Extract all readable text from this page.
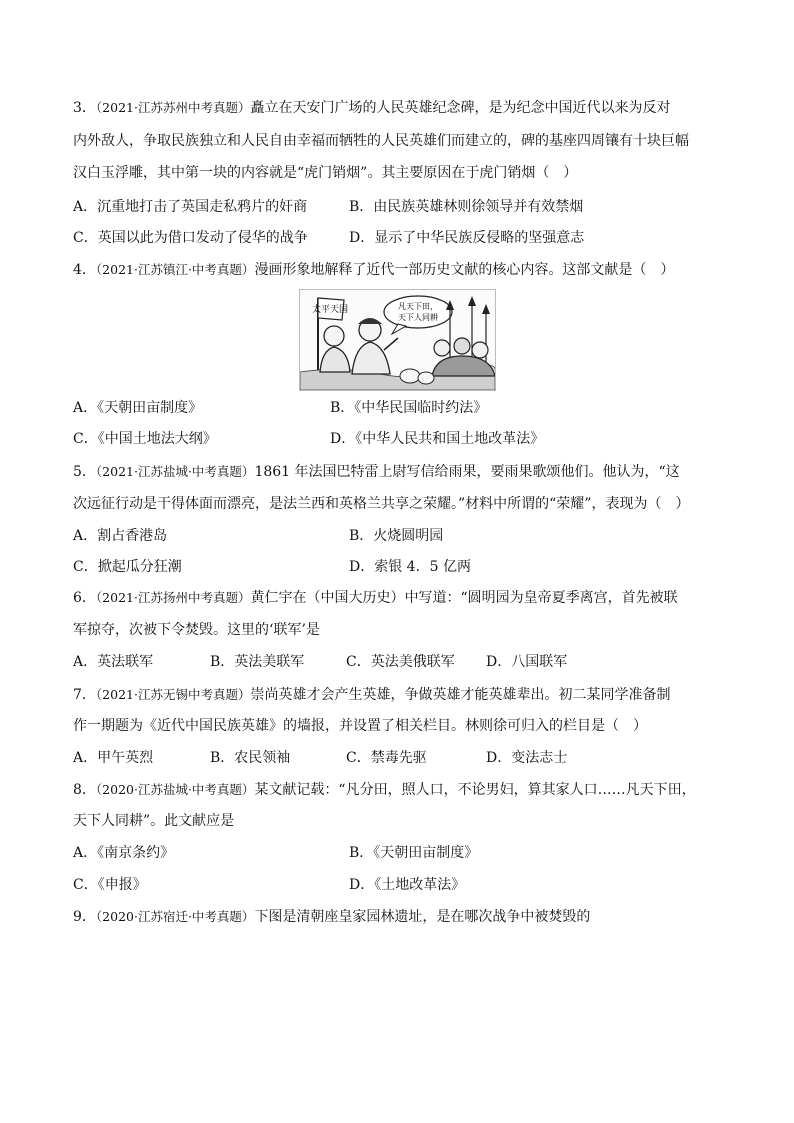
3．（2021·江苏苏州中考真题）矗立在天安门广场的人民英雄纪念碑，是为纪念中国近代以来为反对
内外敌人，争取民族独立和人民自由幸福而牺牲的人民英雄们而建立的，碑的基座四周镶有十块巨幅
汉白玉浮雕，其中第一块的内容就是“虎门销烟”。其主要原因在于虎门销烟（　）
A．沉重地打击了英国走私鸦片的奸商	B．由民族英雄林则徐领导并有效禁烟
C．英国以此为借口发动了侵华的战争	D．显示了中华民族反侵略的坚强意志
4．（2021·江苏镇江·中考真题）漫画形象地解释了近代一部历史文献的核心内容。这部文献是（　）
太平天国	凡天下田，
天下人同耕
A．《天朝田亩制度》	B．《中华民国临时约法》
C．《中国土地法大纲》	D．《中华人民共和国土地改革法》
5．（2021·江苏盐城·中考真题）1861 年法国巴特雷上尉写信给雨果，要雨果歌颂他们。他认为，“这
次远征行动是干得体面而漂亮，是法兰西和英格兰共享之荣耀。”材料中所谓的“荣耀”，表现为（　）
A．割占香港岛	B．火烧圆明园
C．掀起瓜分狂潮	D．索银 4．5 亿两
6．（2021·江苏扬州中考真题）黄仁宇在（中国大历史）中写道：“圆明园为皇帝夏季离宫，首先被联
军掠夺，次被下令焚毁。这里的‘联军’是
A．英法联军	B．英法美联军	C．英法美俄联军 D．八国联军
7．（2021·江苏无锡中考真题）崇尚英雄才会产生英雄，争做英雄才能英雄辈出。初二某同学准备制
作一期题为《近代中国民族英雄》的墙报，并设置了相关栏目。林则徐可归入的栏目是（　）
A．甲午英烈	B．农民领袖	C．禁毒先驱	D．变法志士
8．（2020·江苏盐城·中考真题）某文献记载：“凡分田，照人口，不论男妇，算其家人口……凡天下田，
天下人同耕”。此文献应是
A．《南京条约》	B．《天朝田亩制度》
C．《申报》	D．《土地改革法》
9．（2020·江苏宿迁·中考真题）下图是清朝座皇家园林遗址，是在哪次战争中被焚毁的
